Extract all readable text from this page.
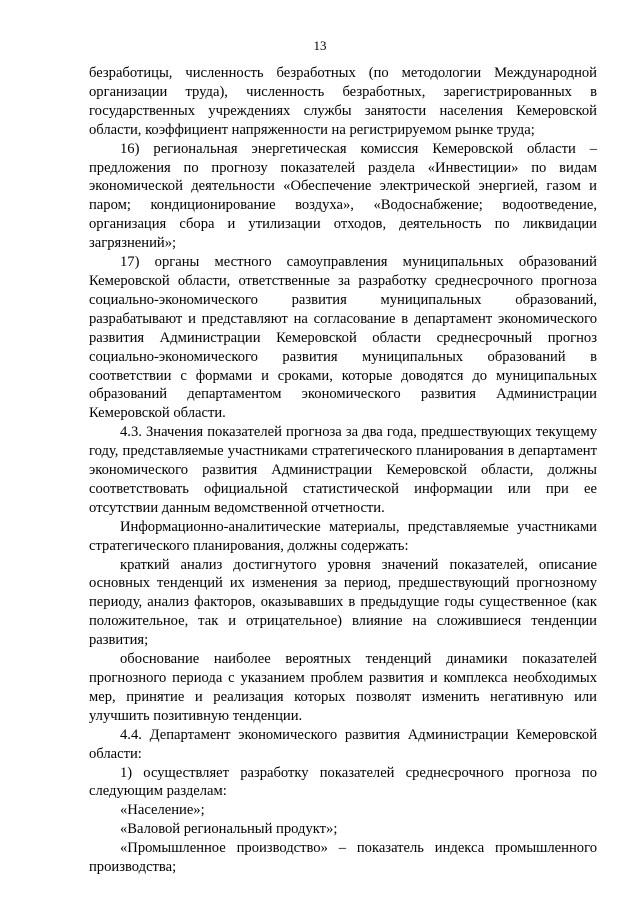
13

безработицы, численность безработных (по методологии Международной организации труда), численность безработных, зарегистрированных в государственных учреждениях службы занятости населения Кемеровской области, коэффициент напряженности на регистрируемом рынке труда;

16) региональная энергетическая комиссия Кемеровской области – предложения по прогнозу показателей раздела «Инвестиции» по видам экономической деятельности «Обеспечение электрической энергией, газом и паром; кондиционирование воздуха», «Водоснабжение; водоотведение, организация сбора и утилизации отходов, деятельность по ликвидации загрязнений»;

17) органы местного самоуправления муниципальных образований Кемеровской области, ответственные за разработку среднесрочного прогноза социально-экономического развития муниципальных образований, разрабатывают и представляют на согласование в департамент экономического развития Администрации Кемеровской области среднесрочный прогноз социально-экономического развития муниципальных образований в соответствии с формами и сроками, которые доводятся до муниципальных образований департаментом экономического развития Администрации Кемеровской области.

4.3. Значения показателей прогноза за два года, предшествующих текущему году, представляемые участниками стратегического планирования в департамент экономического развития Администрации Кемеровской области, должны соответствовать официальной статистической информации или при ее отсутствии данным ведомственной отчетности.

Информационно-аналитические материалы, представляемые участниками стратегического планирования, должны содержать:

краткий анализ достигнутого уровня значений показателей, описание основных тенденций их изменения за период, предшествующий прогнозному периоду, анализ факторов, оказывавших в предыдущие годы существенное (как положительное, так и отрицательное) влияние на сложившиеся тенденции развития;

обоснование наиболее вероятных тенденций динамики показателей прогнозного периода с указанием проблем развития и комплекса необходимых мер, принятие и реализация которых позволят изменить негативную или улучшить позитивную тенденции.

4.4. Департамент экономического развития Администрации Кемеровской области:

1) осуществляет разработку показателей среднесрочного прогноза по следующим разделам:

«Население»;

«Валовой региональный продукт»;

«Промышленное производство» – показатель индекса промышленного производства;
